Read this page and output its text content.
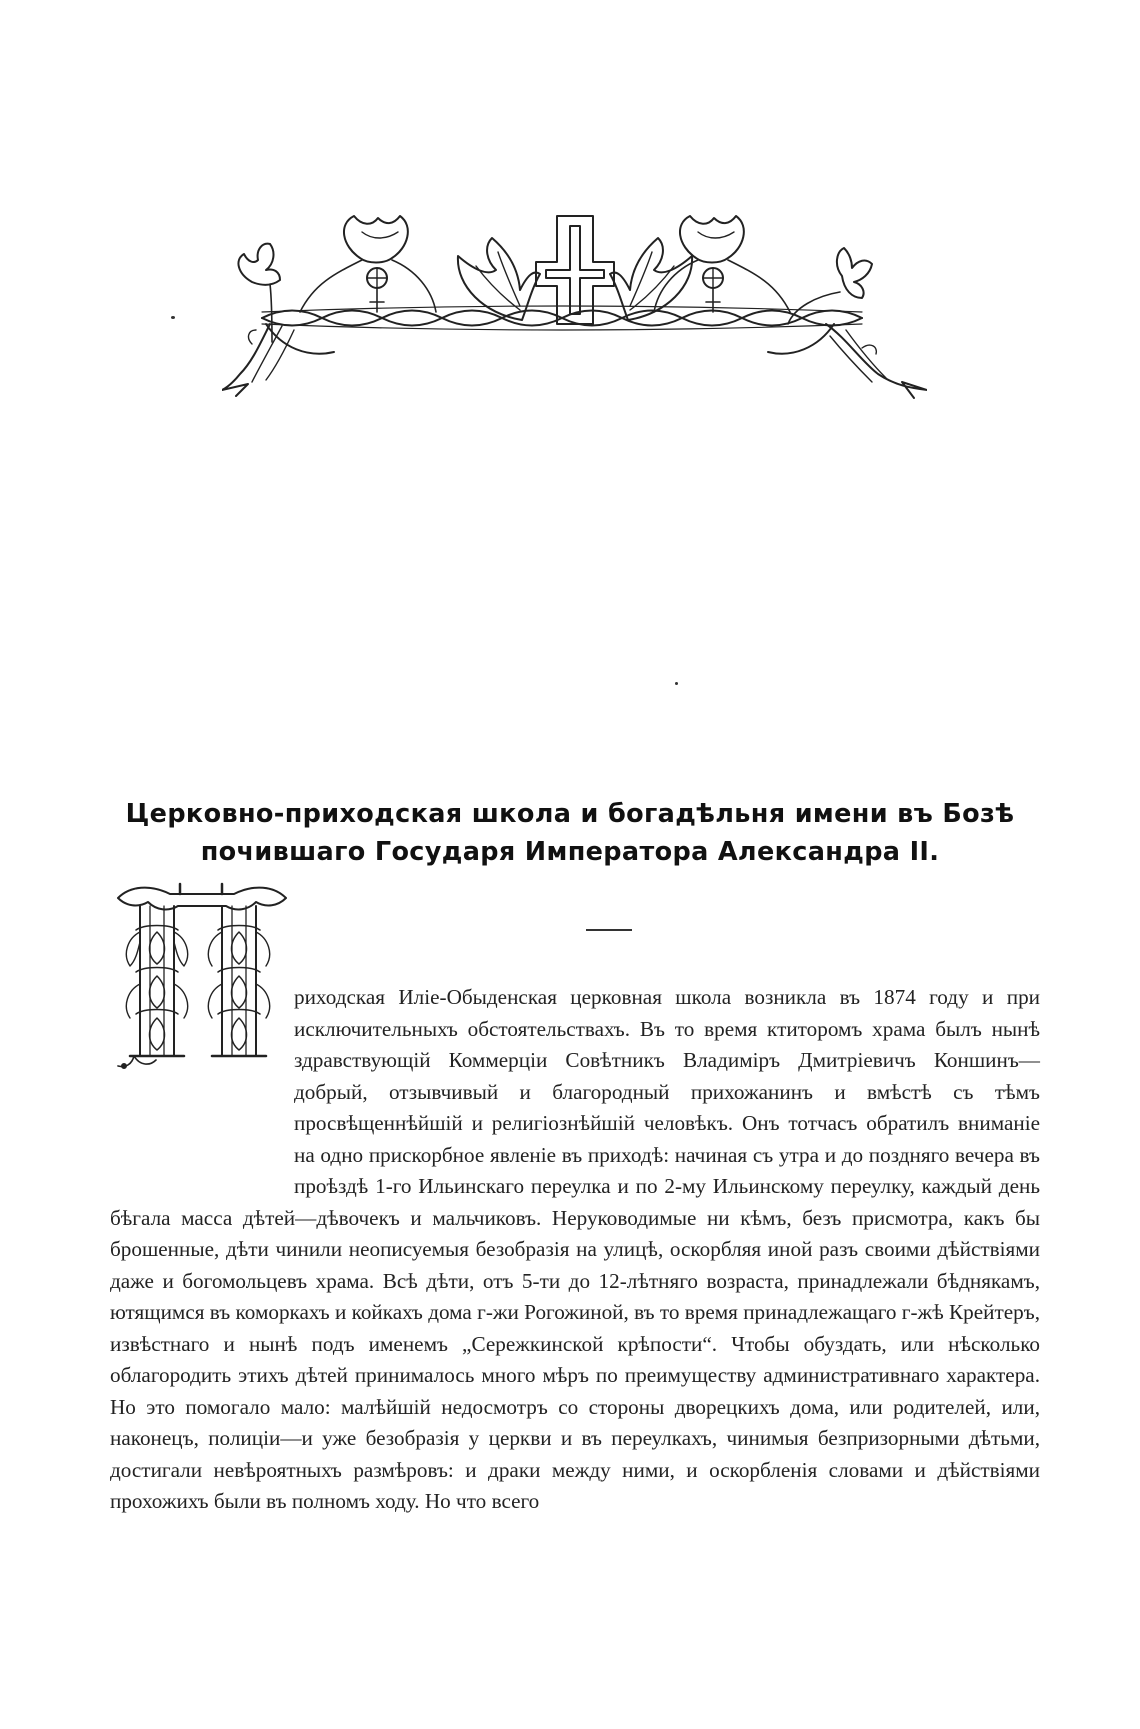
Церковно-приходская школа и богадѣльня имени въ Бозѣ почившаго Государя Императора Александра II.
риходская Иліе-Обыденская церковная школа возникла въ 1874 году и при исключительныхъ обстоятельствахъ. Въ то время ктиторомъ храма былъ нынѣ здравствующій Коммерціи Совѣтникъ Владиміръ Дмитріевичъ Коншинъ—добрый, отзывчивый и благородный прихожанинъ и вмѣстѣ съ тѣмъ просвѣщеннѣйшій и религіознѣйшій человѣкъ. Онъ тотчасъ обратилъ вниманіе на одно прискорбное явленіе въ приходѣ: начиная съ утра и до поздняго вечера въ проѣздѣ 1-го Ильинскаго переулка и по 2-му Ильинскому переулку, каждый день бѣгала масса дѣтей—дѣвочекъ и мальчиковъ. Неруководимые ни кѣмъ, безъ присмотра, какъ бы брошенные, дѣти чинили неописуемыя безобразія на улицѣ, оскорбляя иной разъ своими дѣйствіями даже и богомольцевъ храма. Всѣ дѣти, отъ 5-ти до 12-лѣтняго возраста, принадлежали бѣднякамъ, ютящимся въ коморкахъ и койкахъ дома г-жи Рогожиной, въ то время принадлежащаго г-жѣ Крейтеръ, извѣстнаго и нынѣ подъ именемъ „Сережкинской крѣпости“. Чтобы обуздать, или нѣсколько облагородить этихъ дѣтей принималось много мѣръ по преимуществу административнаго характера. Но это помогало мало: малѣйшій недосмотръ со стороны дворецкихъ дома, или родителей, или, наконецъ, полиціи—и уже безобразія у церкви и въ переулкахъ, чинимыя безпризорными дѣтьми, достигали невѣроятныхъ размѣровъ: и драки между ними, и оскорбленія словами и дѣйствіями прохожихъ были въ полномъ ходу. Но что всего
